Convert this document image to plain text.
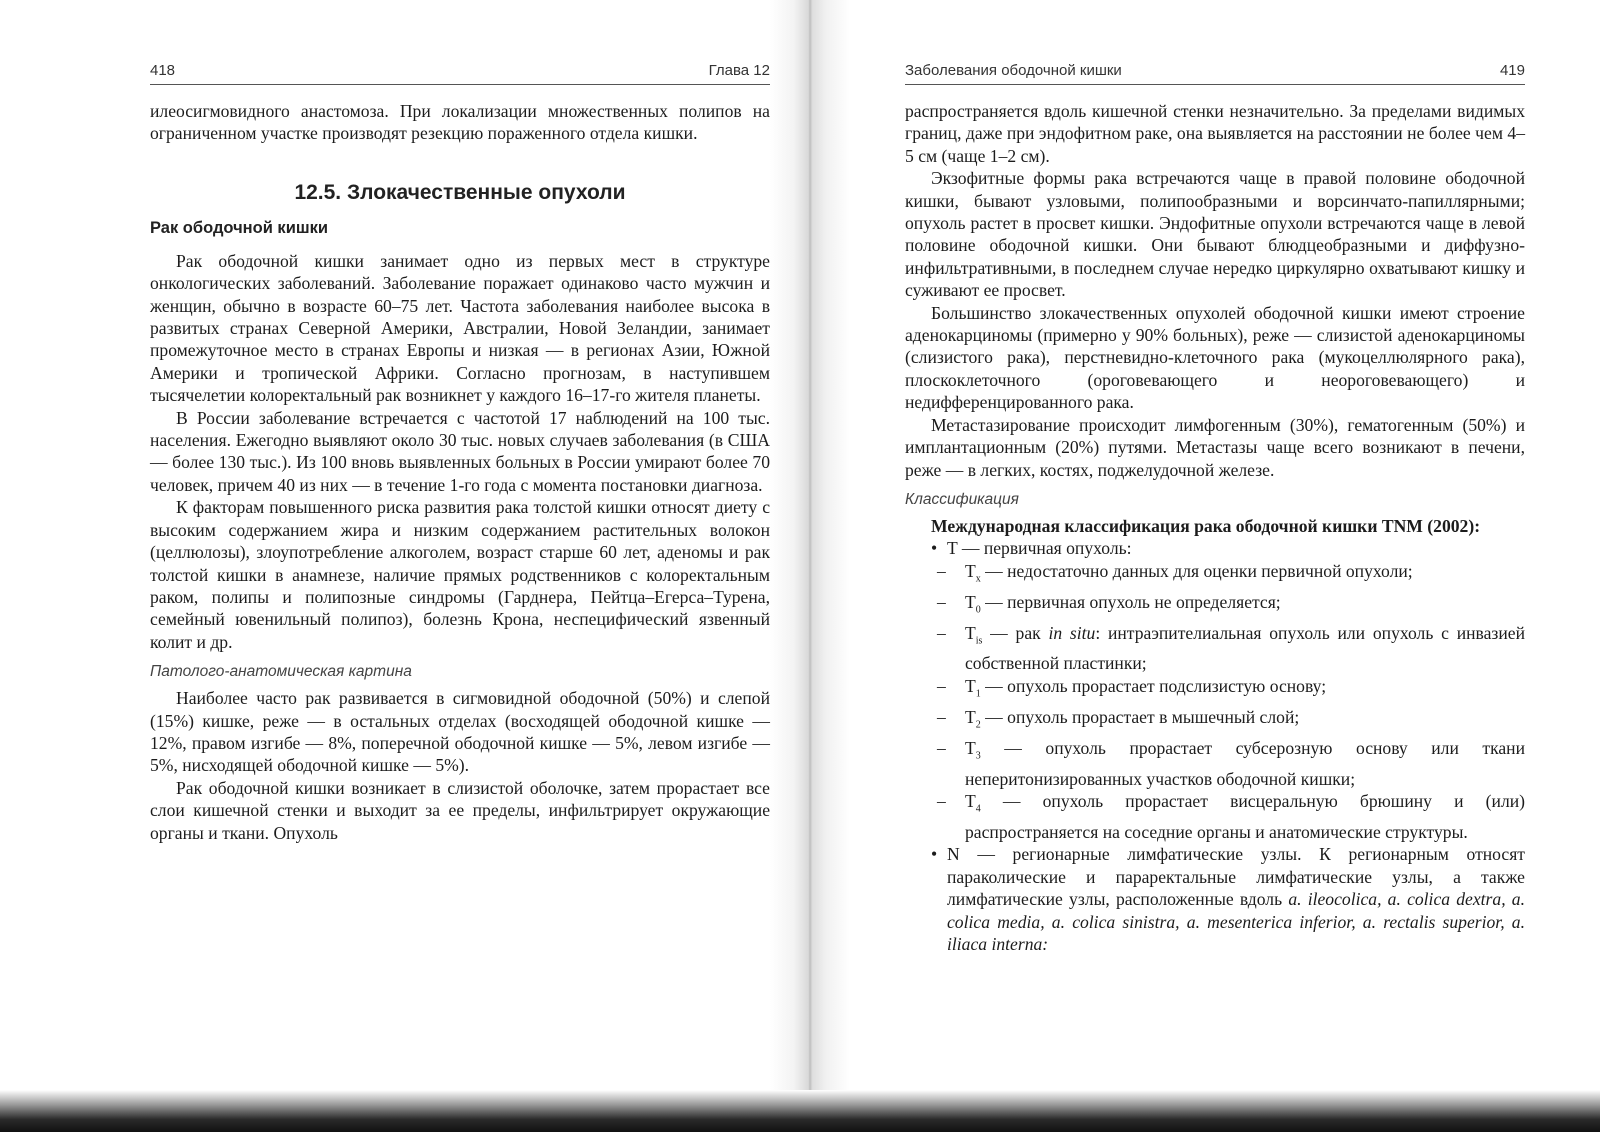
418	Глава 12

илеосигмовидного анастомоза. При локализации множественных полипов на ограниченном участке производят резекцию пораженного отдела кишки.

12.5. Злокачественные опухоли
Рак ободочной кишки

Рак ободочной кишки занимает одно из первых мест в структуре онкологических заболеваний. Заболевание поражает одинаково часто мужчин и женщин, обычно в возрасте 60–75 лет. Частота заболевания наиболее высока в развитых странах Северной Америки, Австралии, Новой Зеландии, занимает промежуточное место в странах Европы и низкая — в регионах Азии, Южной Америки и тропической Африки. Согласно прогнозам, в наступившем тысячелетии колоректальный рак возникнет у каждого 16–17-го жителя планеты.

В России заболевание встречается с частотой 17 наблюдений на 100 тыс. населения. Ежегодно выявляют около 30 тыс. новых случаев заболевания (в США — более 130 тыс.). Из 100 вновь выявленных больных в России умирают более 70 человек, причем 40 из них — в течение 1-го года с момента постановки диагноза.

К факторам повышенного риска развития рака толстой кишки относят диету с высоким содержанием жира и низким содержанием растительных волокон (целлюлозы), злоупотребление алкоголем, возраст старше 60 лет, аденомы и рак толстой кишки в анамнезе, наличие прямых родственников с колоректальным раком, полипы и полипозные синдромы (Гарднера, Пейтца–Егерса–Турена, семейный ювенильный полипоз), болезнь Крона, неспецифический язвенный колит и др.

Патолого-анатомическая картина

Наиболее часто рак развивается в сигмовидной ободочной (50%) и слепой (15%) кишке, реже — в остальных отделах (восходящей ободочной кишке — 12%, правом изгибе — 8%, поперечной ободочной кишке — 5%, левом изгибе — 5%, нисходящей ободочной кишке — 5%).

Рак ободочной кишки возникает в слизистой оболочке, затем прорастает все слои кишечной стенки и выходит за ее пределы, инфильтрирует окружающие органы и ткани. Опухоль

Заболевания ободочной кишки	419

распространяется вдоль кишечной стенки незначительно. За пределами видимых границ, даже при эндофитном раке, она выявляется на расстоянии не более чем 4–5 см (чаще 1–2 см).

Экзофитные формы рака встречаются чаще в правой половине ободочной кишки, бывают узловыми, полипообразными и ворсинчато-папиллярными; опухоль растет в просвет кишки. Эндофитные опухоли встречаются чаще в левой половине ободочной кишки. Они бывают блюдцеобразными и диффузно-инфильтративными, в последнем случае нередко циркулярно охватывают кишку и суживают ее просвет.

Большинство злокачественных опухолей ободочной кишки имеют строение аденокарциномы (примерно у 90% больных), реже — слизистой аденокарциномы (слизистого рака), перстневидно-клеточного рака (мукоцеллюлярного рака), плоскоклеточного (ороговевающего и неороговевающего) и недифференцированного рака.

Метастазирование происходит лимфогенным (30%), гематогенным (50%) и имплантационным (20%) путями. Метастазы чаще всего возникают в печени, реже — в легких, костях, поджелудочной железе.

Классификация
Международная классификация рака ободочной кишки TNM (2002):
• T — первичная опухоль:
– $T_x$ — недостаточно данных для оценки первичной опухоли;
– $T_0$ — первичная опухоль не определяется;
– $T_{is}$ — рак in situ: интраэпителиальная опухоль или опухоль с инвазией собственной пластинки;
– $T_1$ — опухоль прорастает подслизистую основу;
– $T_2$ — опухоль прорастает в мышечный слой;
– $T_3$ — опухоль прорастает субсерозную основу или ткани неперитонизированных участков ободочной кишки;
– $T_4$ — опухоль прорастает висцеральную брюшину и (или) распространяется на соседние органы и анатомические структуры.
• N — регионарные лимфатические узлы. К регионарным относят параколические и параректальные лимфатические узлы, а также лимфатические узлы, расположенные вдоль a. ileocolica, a. colica dextra, a. colica media, a. colica sinistra, a. mesenterica inferior, a. rectalis superior, a. iliaca interna:
